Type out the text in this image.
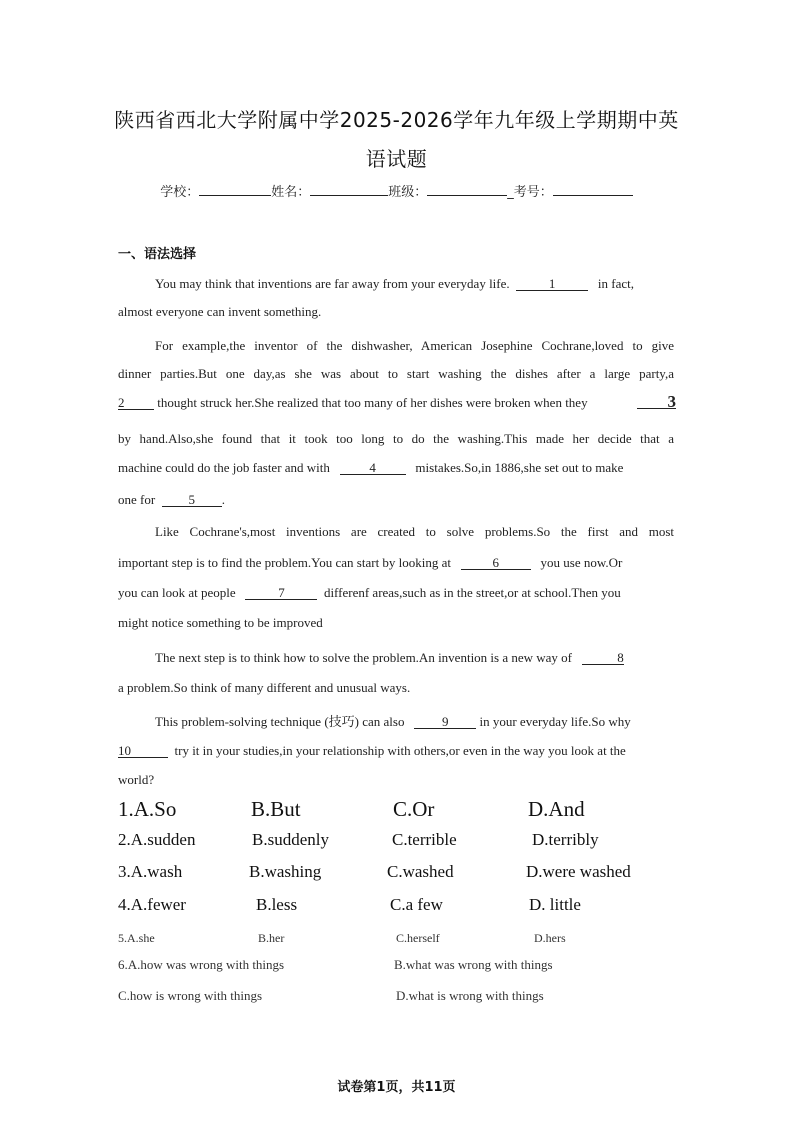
陕西省西北大学附属中学2025-2026学年九年级上学期期中英
语试题
学校：	姓名：	班级：	_考号：
一、语法选择
You may think that inventions are far away from your everyday life.	1	in fact,
almost everyone can invent something.
For example,the inventor of the dishwasher, American Josephine Cochrane,loved to give
dinner parties.But one day,as she was about to start washing the dishes after a large party,a
2	thought struck her.She realized that too many of her dishes were broken when they	3
by hand.Also,she found that it took too long to do the washing.This made her decide that a
machine could do the job faster and with	4	mistakes.So,in 1886,she set out to make
one for	5 .
Like Cochrane's,most inventions are created to solve problems.So the first and most
important step is to find the problem.You can start by looking at	6	you use now.Or
you can look at people	7	differenf areas,such as in the street,or at school.Then you
might notice something to be improved
The next step is to think how to solve the problem.An invention is a new way of	8
a problem.So think of many different and unusual ways.
This problem-solving technique (技巧) can also	9 in your everyday life.So why
10	try it in your studies,in your relationship with others,or even in the way you look at the
world?
1.A.So	B.But	C.Or	D.And
2.A.sudden	B.suddenly	C.terrible	D.terribly
3.A.wash	B.washing	C.washed	D.were washed
4.A.fewer	B.less	C.a few	D. little
5.A.she	B.her	C.herself	D.hers
6.A.how was wrong with things	B.what was wrong with things
C.how is wrong with things	D.what is wrong with things
试卷第1页，共11页
